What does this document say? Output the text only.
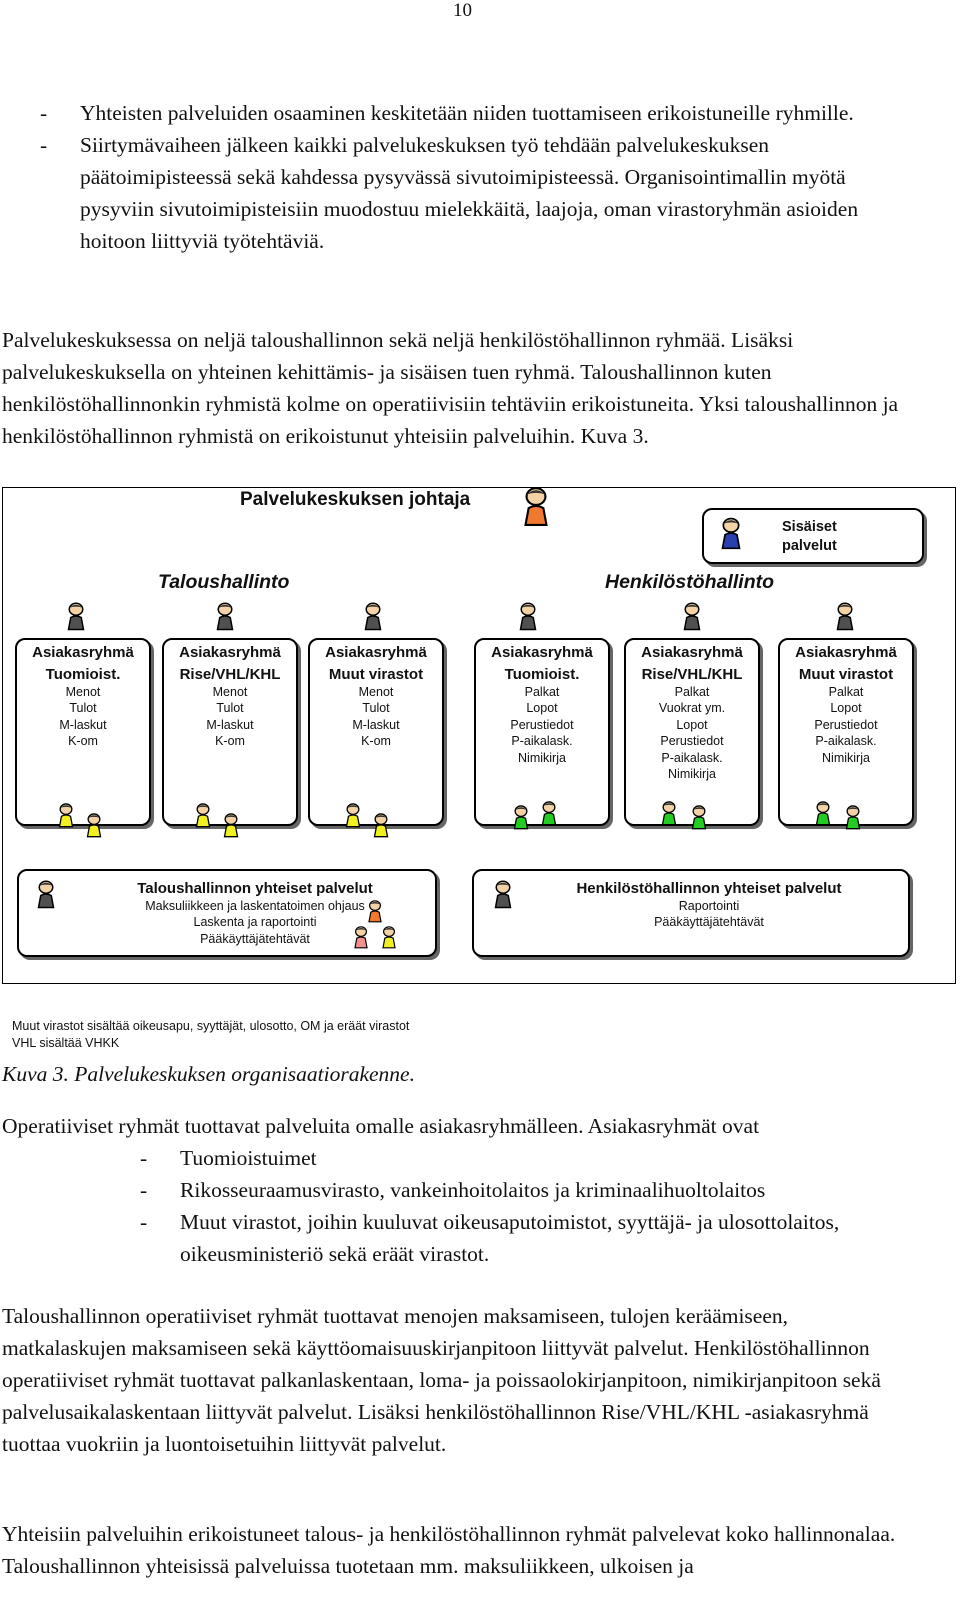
10
- Yhteisten palveluiden osaaminen keskitetään niiden tuottamiseen erikoistuneille ryhmille.
- Siirtymävaiheen jälkeen kaikki palvelukeskuksen työ tehdään palvelukeskuksen päätoimipisteessä sekä kahdessa pysyvässä sivutoimipisteessä. Organisointimallin myötä pysyviin sivutoimipisteisiin muodostuu mielekkäitä, laajoja, oman virastoryhmän asioiden hoitoon liittyviä työtehtäviä.
Palvelukeskuksessa on neljä taloushallinnon sekä neljä henkilöstöhallinnon ryhmää. Lisäksi palvelukeskuksella on yhteinen kehittämis- ja sisäisen tuen ryhmä. Taloushallinnon kuten henkilöstöhallinnonkin ryhmistä kolme on operatiivisiin tehtäviin erikoistuneita. Yksi taloushallinnon ja henkilöstöhallinnon ryhmistä on erikoistunut yhteisiin palveluihin. Kuva 3.
Palvelukeskuksen johtaja
Sisäiset
palvelut
Taloushallinto	Henkilöstöhallinto
Asiakasryhmä
Tuomioist.
Menot
Tulot
M-laskut
K-om
Asiakasryhmä
Rise/VHL/KHL
Menot
Tulot
M-laskut
K-om
Asiakasryhmä
Muut virastot
Menot
Tulot
M-laskut
K-om
Asiakasryhmä
Tuomioist.
Palkat
Lopot
Perustiedot
P-aikalask.
Nimikirja
Asiakasryhmä
Rise/VHL/KHL
Palkat
Vuokrat ym.
Lopot
Perustiedot
P-aikalask.
Nimikirja
Asiakasryhmä
Muut virastot
Palkat
Lopot
Perustiedot
P-aikalask.
Nimikirja
Taloushallinnon yhteiset palvelut
Maksuliikkeen ja laskentatoimen ohjaus
Laskenta ja raportointi
Pääkäyttäjätehtävät
Henkilöstöhallinnon yhteiset palvelut
Raportointi
Pääkäyttäjätehtävät
Muut virastot sisältää oikeusapu, syyttäjät, ulosotto, OM ja eräät virastot
VHL sisältää VHKK
Kuva 3. Palvelukeskuksen organisaatiorakenne.
Operatiiviset ryhmät tuottavat palveluita omalle asiakasryhmälleen. Asiakasryhmät ovat
- Tuomioistuimet
- Rikosseuraamusvirasto, vankeinhoitolaitos ja kriminaalihuoltolaitos
- Muut virastot, joihin kuuluvat oikeusaputoimistot, syyttäjä- ja ulosottolaitos, oikeusministeriö sekä eräät virastot.
Taloushallinnon operatiiviset ryhmät tuottavat menojen maksamiseen, tulojen keräämiseen, matkalaskujen maksamiseen sekä käyttöomaisuuskirjanpitoon liittyvät palvelut. Henkilöstöhallinnon operatiiviset ryhmät tuottavat palkanlaskentaan, loma- ja poissaolokirjanpitoon, nimikirjanpitoon sekä palvelusaikalaskentaan liittyvät palvelut. Lisäksi henkilöstöhallinnon Rise/VHL/KHL -asiakasryhmä tuottaa vuokriin ja luontoisetuihin liittyvät palvelut.
Yhteisiin palveluihin erikoistuneet talous- ja henkilöstöhallinnon ryhmät palvelevat koko hallinnonalaa. Taloushallinnon yhteisissä palveluissa tuotetaan mm. maksuliikkeen, ulkoisen ja
